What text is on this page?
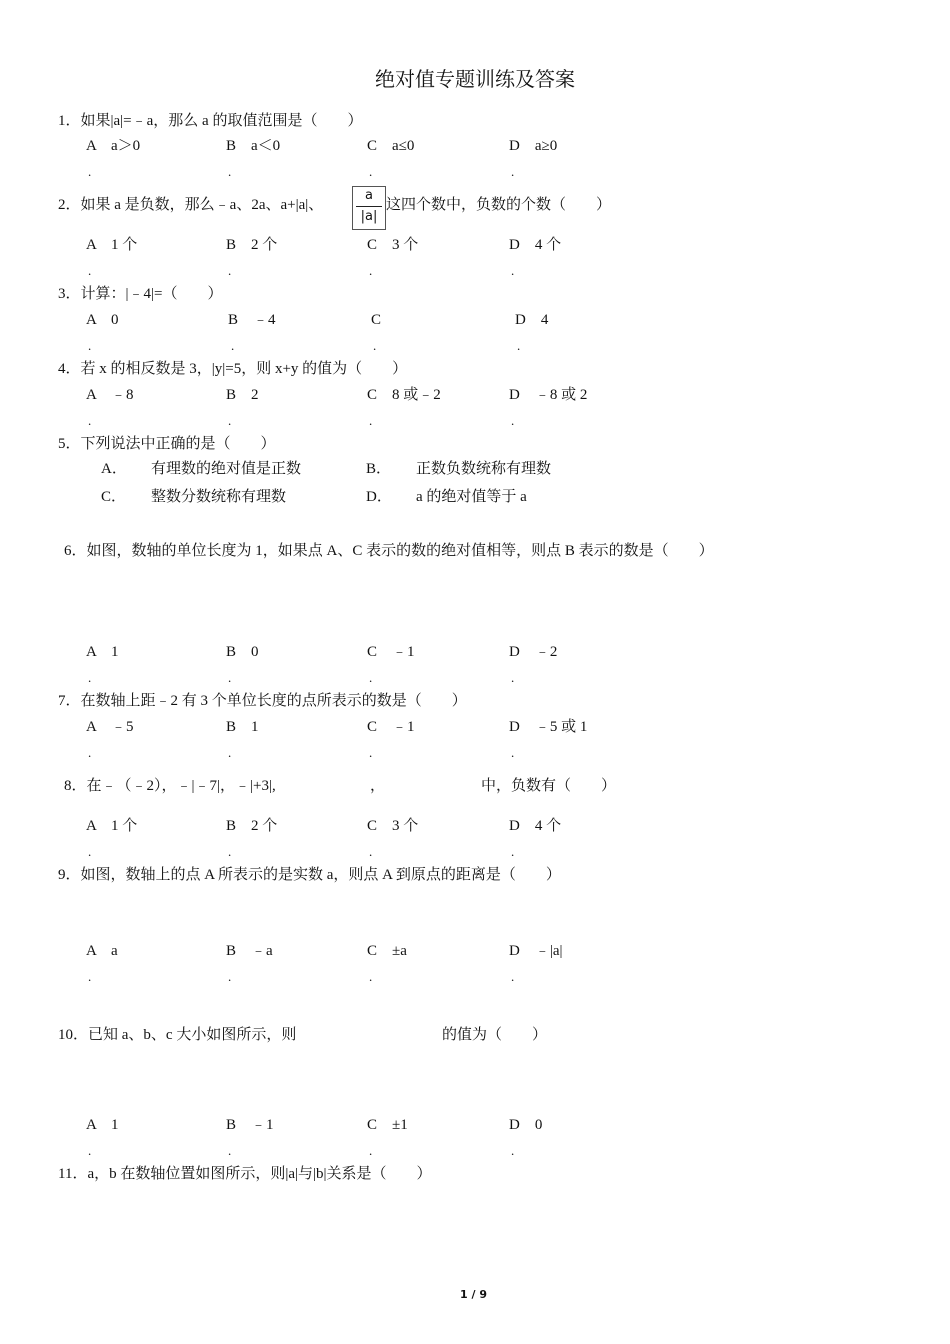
绝对值专题训练及答案
1．如果|a|=﹣a，那么 a 的取值范围是（　　）
A　a＞0	B　a＜0	C　a≤0	D　a≥0
.	.	.	.
2．如果 a 是负数，那么﹣a、2a、a+|a|、
a
|a|
这四个数中，负数的个数（　　）
A　1 个	B　2 个	C　3 个	D　4 个
.	.	.	.
3．计算：|﹣4|=（　　）
A　0	B　﹣4	C	D　4
.	.	.	.
4．若 x 的相反数是 3，|y|=5，则 x+y 的值为（　　）
A　﹣8	B　2	C　8 或﹣2	D　﹣8 或 2
.	.	.	.
5．下列说法中正确的是（　　）
A． 有理数的绝对值是正数	B． 正数负数统称有理数
C． 整数分数统称有理数	D． a 的绝对值等于 a
6．如图，数轴的单位长度为 1，如果点 A、C 表示的数的绝对值相等，则点 B 表示的数是（　　）
A　1	B　0	C　﹣1	D　﹣2
.	.	.	.
7．在数轴上距﹣2 有 3 个单位长度的点所表示的数是（　　）
A　﹣5	B　1	C　﹣1	D　﹣5 或 1
.	.	.	.
8．在﹣（﹣2），﹣|﹣7|，﹣|+3|,	，	中，负数有（　　）
A　1 个	B　2 个	C　3 个	D　4 个
.	.	.	.
9．如图，数轴上的点 A 所表示的是实数 a，则点 A 到原点的距离是（　　）
A　a	B　﹣a	C　±a	D　﹣|a|
.	.	.	.
10．已知 a、b、c 大小如图所示，则	的值为（　　）
A　1	B　﹣1	C　±1	D　0
.	.	.	.
11．a，b 在数轴位置如图所示，则|a|与|b|关系是（　　）
1 / 9
